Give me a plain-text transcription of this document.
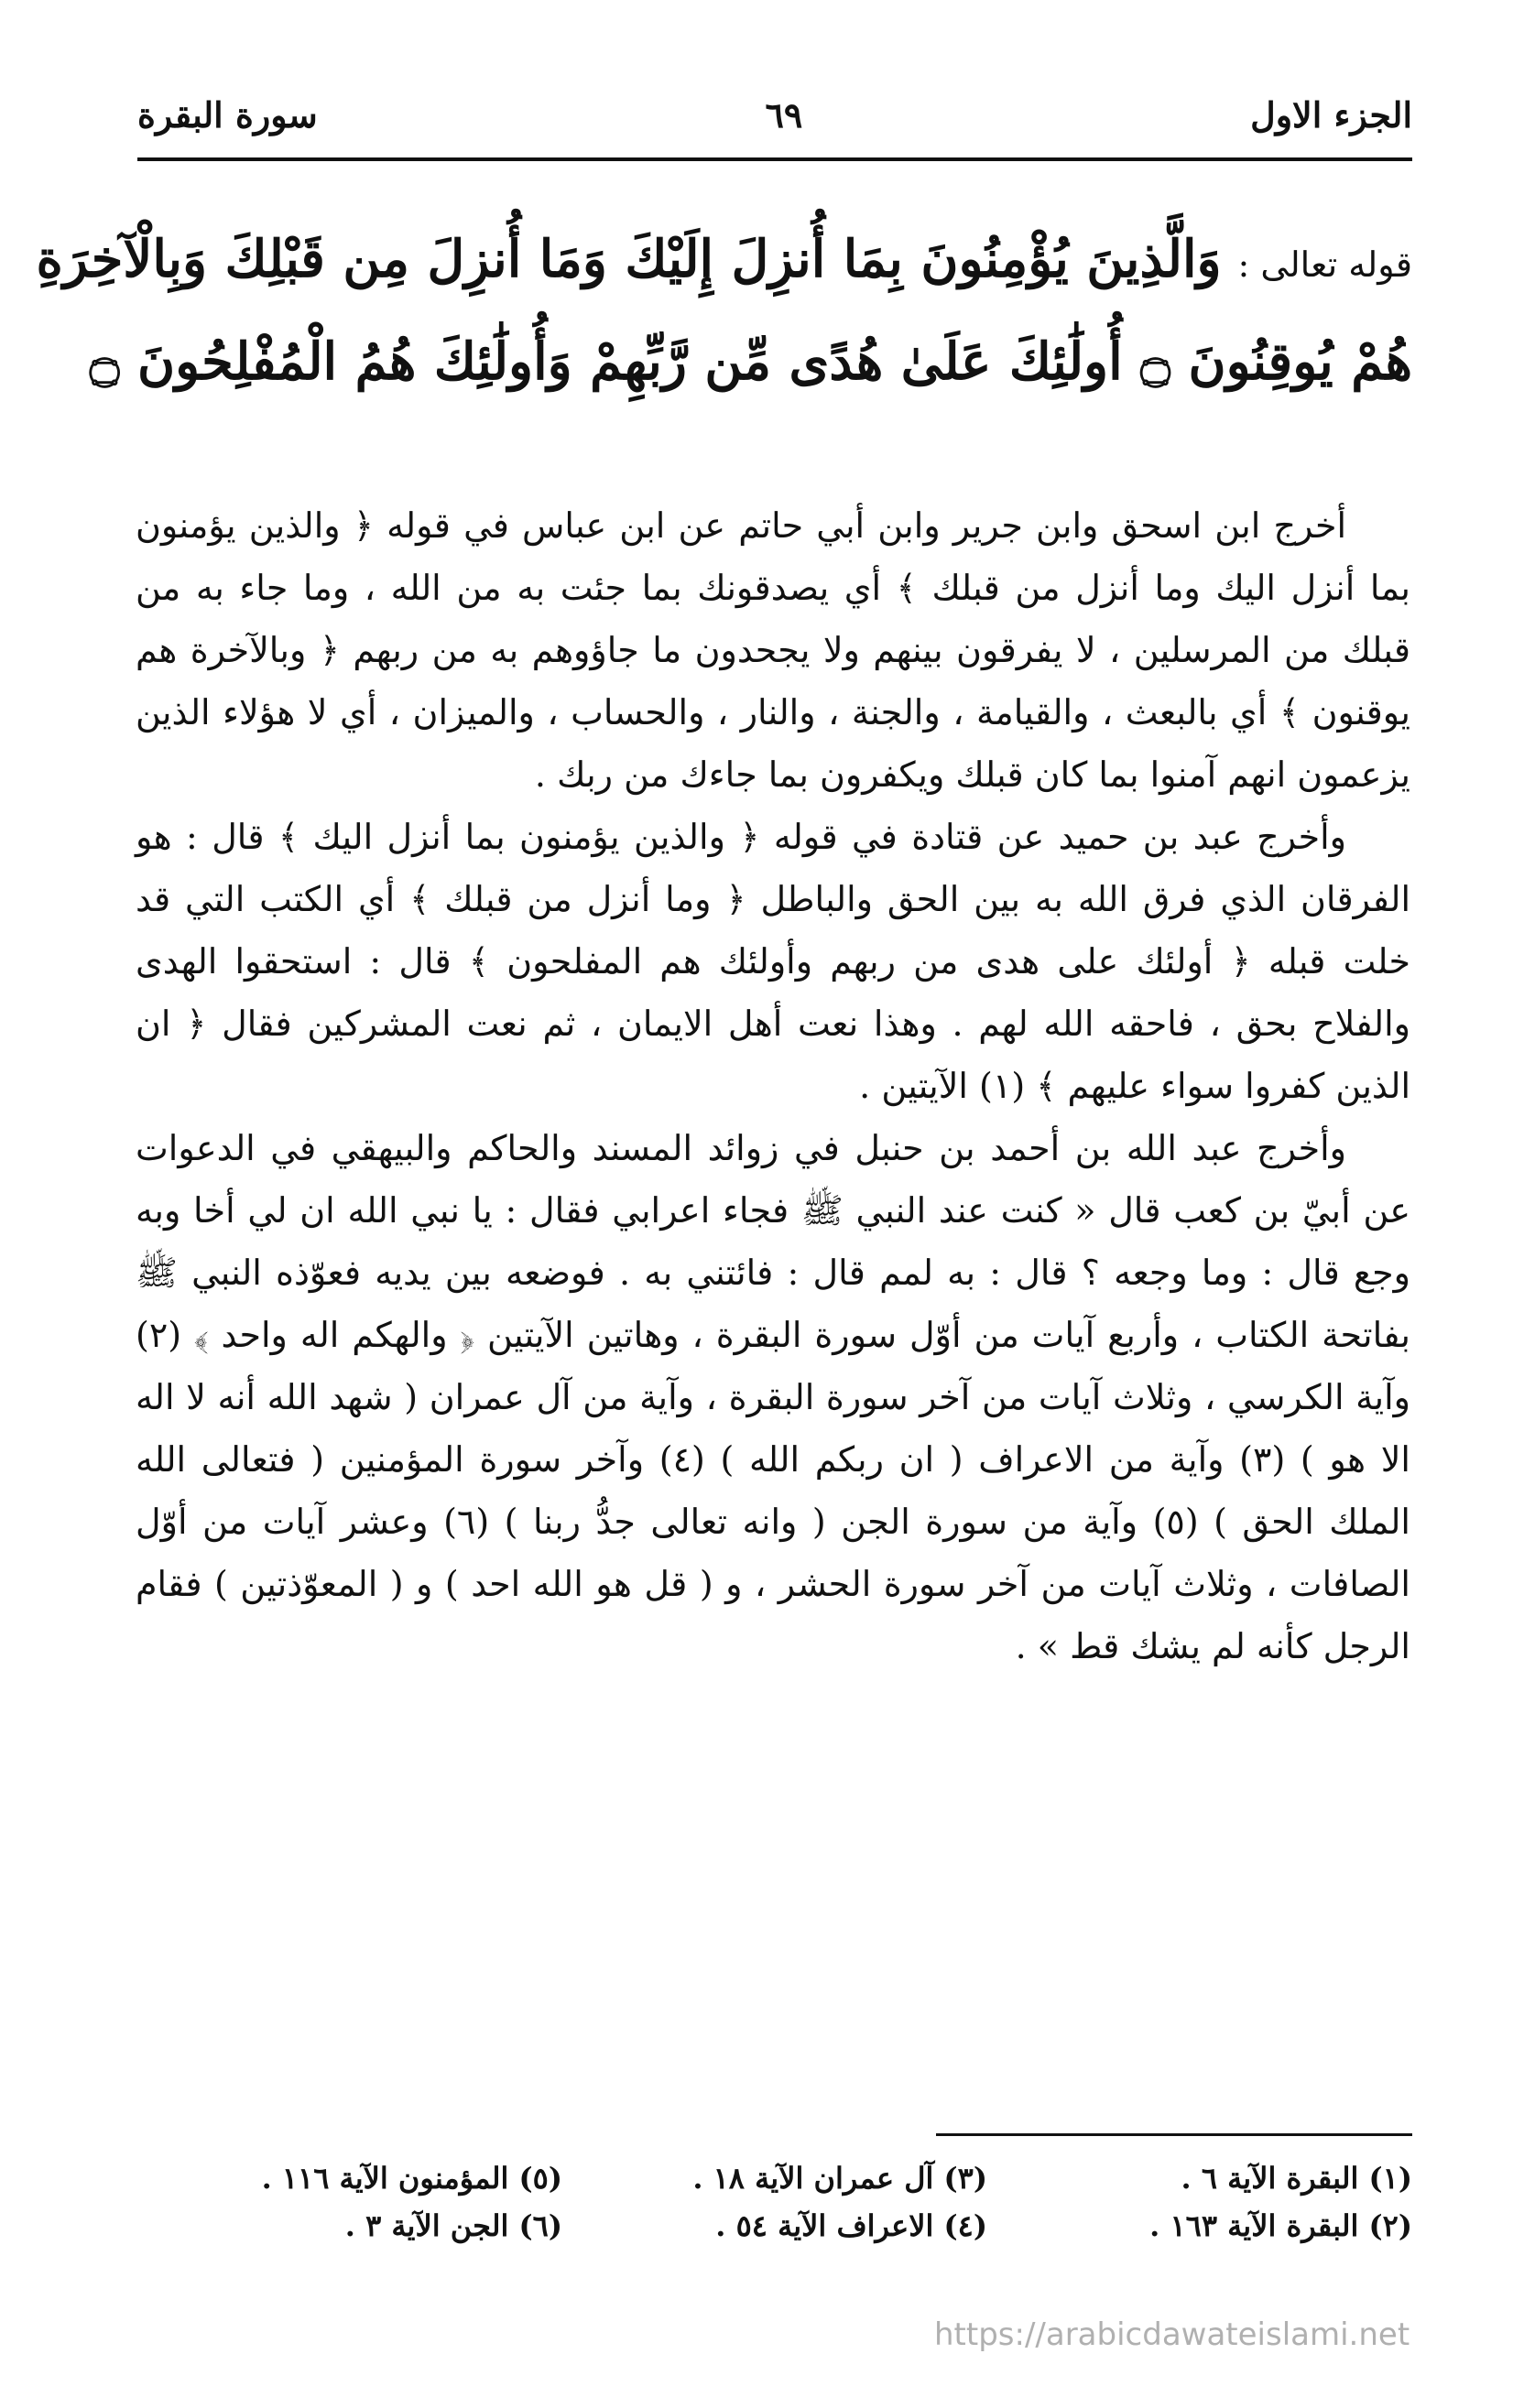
الجزء الاول
٦٩
سورة البقرة
قوله تعالى :وَالَّذِينَ يُؤْمِنُونَ بِمَا أُنزِلَ إِلَيْكَ وَمَا أُنزِلَ مِن قَبْلِكَ وَبِالْآخِرَةِ
هُمْ يُوقِنُونَ ۝ أُولَٰئِكَ عَلَىٰ هُدًى مِّن رَّبِّهِمْ وَأُولَٰئِكَ هُمُ الْمُفْلِحُونَ ۝

أخرج ابن اسحق وابن جرير وابن أبي حاتم عن ابن عباس في قوله ﴿ والذين يؤمنون بما أنزل اليك وما أنزل من قبلك ﴾ أي يصدقونك بما جئت به من الله ، وما جاء به من قبلك من المرسلين ، لا يفرقون بينهم ولا يجحدون ما جاؤوهم به من ربهم ﴿ وبالآخرة هم يوقنون ﴾ أي بالبعث ، والقيامة ، والجنة ، والنار ، والحساب ، والميزان ، أي لا هؤلاء الذين يزعمون انهم آمنوا بما كان قبلك ويكفرون بما جاءك من ربك .

وأخرج عبد بن حميد عن قتادة في قوله ﴿ والذين يؤمنون بما أنزل اليك ﴾ قال : هو الفرقان الذي فرق الله به بين الحق والباطل ﴿ وما أنزل من قبلك ﴾ أي الكتب التي قد خلت قبله ﴿ أولئك على هدى من ربهم وأولئك هم المفلحون ﴾ قال : استحقوا الهدى والفلاح بحق ، فاحقه الله لهم . وهذا نعت أهل الايمان ، ثم نعت المشركين فقال ﴿ ان الذين كفروا سواء عليهم ﴾ (١) الآيتين .

وأخرج عبد الله بن أحمد بن حنبل في زوائد المسند والحاكم والبيهقي في الدعوات عن أبيّ بن كعب قال « كنت عند النبي ﷺ فجاء اعرابي فقال : يا نبي الله ان لي أخا وبه وجع قال : وما وجعه ؟ قال : به لمم قال : فائتني به . فوضعه بين يديه فعوّذه النبي ﷺ بفاتحة الكتاب ، وأربع آيات من أوّل سورة البقرة ، وهاتين الآيتين ﴿ والهكم اله واحد ﴾ (٢) وآية الكرسي ، وثلاث آيات من آخر سورة البقرة ، وآية من آل عمران ( شهد الله أنه لا اله الا هو ) (٣) وآية من الاعراف ( ان ربكم الله ) (٤) وآخر سورة المؤمنين ( فتعالى الله الملك الحق ) (٥) وآية من سورة الجن ( وانه تعالى جدُّ ربنا ) (٦) وعشر آيات من أوّل الصافات ، وثلاث آيات من آخر سورة الحشر ، و ( قل هو الله احد ) و ( المعوّذتين ) فقام الرجل كأنه لم يشك قط » .

(١) البقرة الآية ٦ .
(٣) آل عمران الآية ١٨ .
(٥) المؤمنون الآية ١١٦ .
(٢) البقرة الآية ١٦٣ .
(٤) الاعراف الآية ٥٤ .
(٦) الجن الآية ٣ .
https://arabicdawateislami.net
